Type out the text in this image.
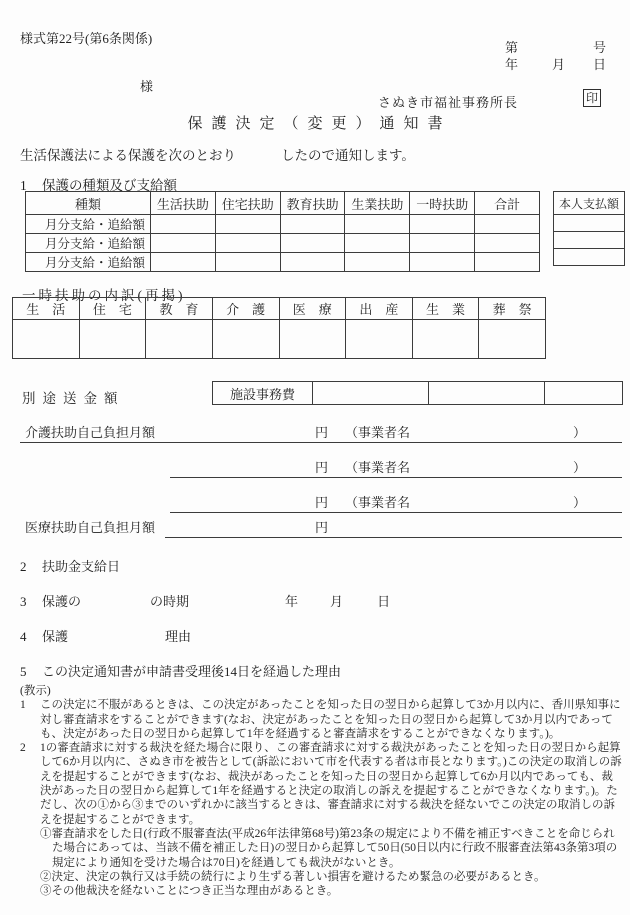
様式第22号(第6条関係)
第	号
年	月 日
様
さぬき市福祉事務所長	印
保護決定（変更）通知書
生活保護法による保護を次のとおり	したので通知します。
1 保護の種類及び支給額
種類	生活扶助	住宅扶助	教育扶助	生業扶助	一時扶助	合計
月分支給・追給額						
月分支給・追給額						
月分支給・追給額						
本人支払額

一時扶助の内訳(再掲)
生　活	住　宅	教　育	介　護	医　療	出　産	生　業	葬　祭

別途送金額	施設事務費			
介護扶助自己負担月額	円 （事業者名	）
円 （事業者名	）
円 （事業者名	）
医療扶助自己負担月額	円
2 扶助金支給日
3 保護の	の時期	年 月	日
4 保護	理由
5 この決定通知書が申請書受理後14日を経過した理由
(教示)
1 この決定に不服があるときは、この決定があったことを知った日の翌日から起算して3か月以内に、香川県知事に対し審査請求をすることができます(なお、決定があったことを知った日の翌日から起算して3か月以内であっても、決定があった日の翌日から起算して1年を経過すると審査請求をすることができなくなります。)。
2 1の審査請求に対する裁決を経た場合に限り、この審査請求に対する裁決があったことを知った日の翌日から起算して6か月以内に、さぬき市を被告として(訴訟において市を代表する者は市長となります。)この決定の取消しの訴えを提起することができます(なお、裁決があったことを知った日の翌日から起算して6か月以内であっても、裁決があった日の翌日から起算して1年を経過すると決定の取消しの訴えを提起することができなくなります。)。ただし、次の①から③までのいずれかに該当するときは、審査請求に対する裁決を経ないでこの決定の取消しの訴えを提起することができます。
①審査請求をした日(行政不服審査法(平成26年法律第68号)第23条の規定により不備を補正すべきことを命じられた場合にあっては、当該不備を補正した日)の翌日から起算して50日(50日以内に行政不服審査法第43条第3項の規定により通知を受けた場合は70日)を経過しても裁決がないとき。
②決定、決定の執行又は手続の続行により生ずる著しい損害を避けるため緊急の必要があるとき。
③その他裁決を経ないことにつき正当な理由があるとき。
